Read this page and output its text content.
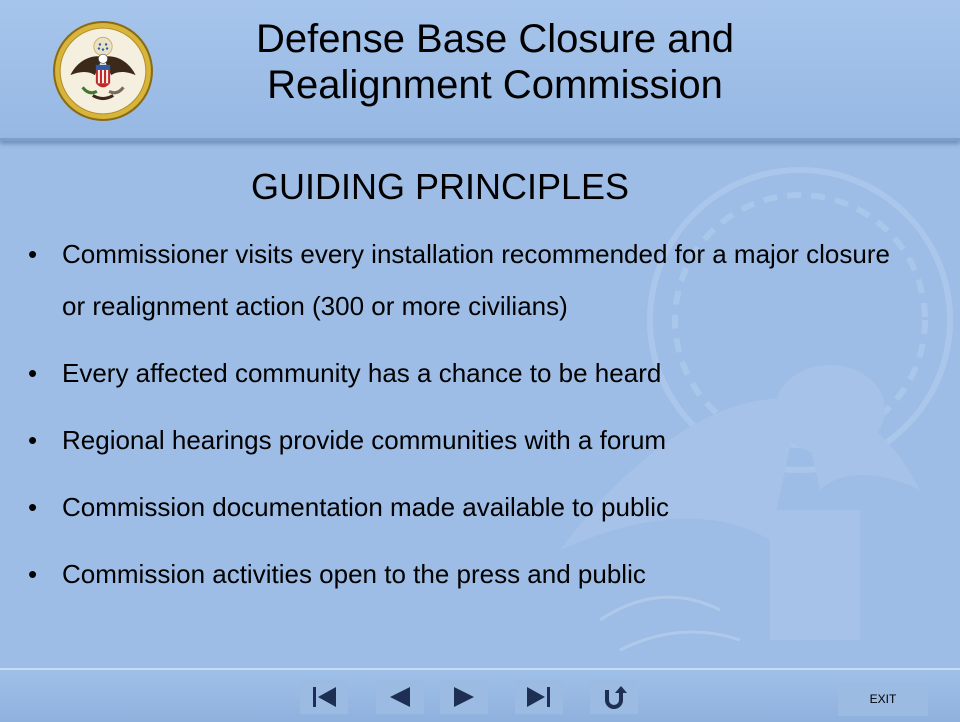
Defense Base Closure and
Realignment Commission
GUIDING PRINCIPLES
• Commissioner visits every installation recommended for a major closure or realignment action (300 or more civilians)
• Every affected community has a chance to be heard
• Regional hearings provide communities with a forum
• Commission documentation made available to public
• Commission activities open to the press and public
EXIT
